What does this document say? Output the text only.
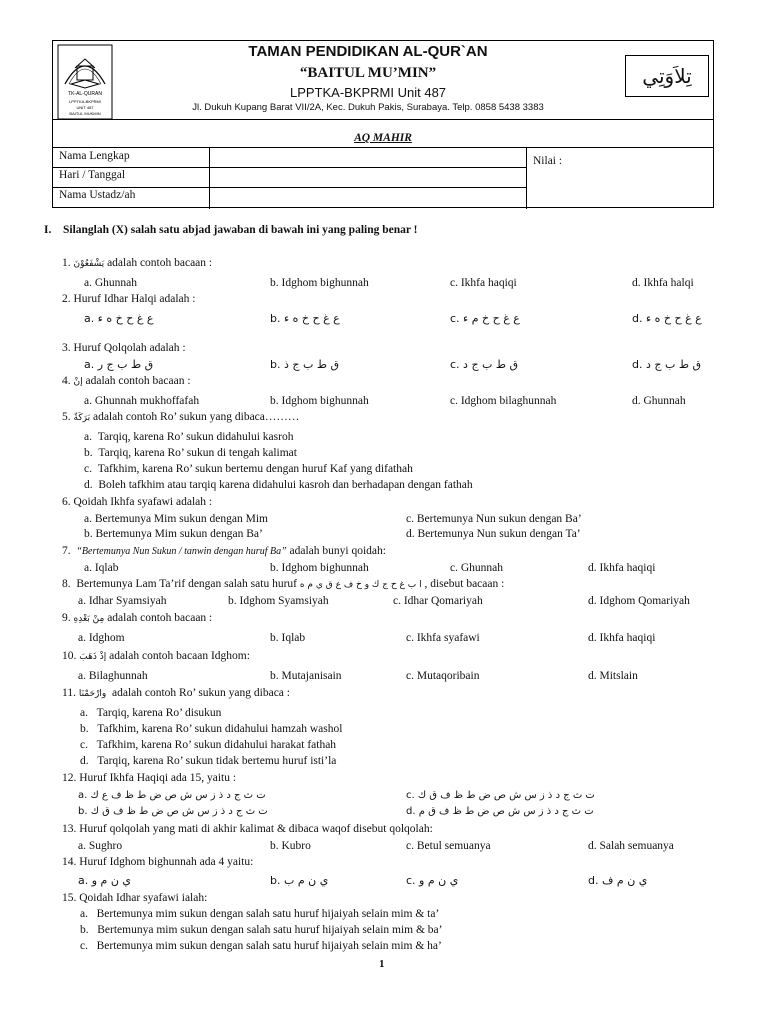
TK-AL-QURAN
LPPTKA-BKPRMI
UNIT 487
BAITUL MUKMIN
TAMAN PENDIDIKAN AL-QUR`AN
“BAITUL MU’MIN”
LPPTKA-BKPRMI Unit 487
Jl. Dukuh Kupang Barat VII/2A, Kec. Dukuh Pakis, Surabaya. Telp. 0858 5438 3383
تِلاَوَتِي
AQ MAHIR
Nama Lengkap
Hari / Tanggal
Nama Ustadz/ah
Nilai :
I. Silanglah (X) salah satu abjad jawaban di bawah ini yang paling benar !
1. يَشْفَعُوْنَ adalah contoh bacaan :
a. Ghunnah	b. Idghom bighunnah	c. Ikhfa haqiqi	d. Ikhfa halqi
2. Huruf Idhar Halqi adalah :
a. ع غ ح خ ه ء	b. ع غ ح خ ه ء	c. ع غ ح خ م ء	d. ع غ ح خ ه ء
3. Huruf Qolqolah adalah :
a. ق ط ب ج ر	b. ق ط ب ج ذ	c. ق ط ب ج د	d. ق ط ب ج د
4. إنْ adalah contoh bacaan :
a. Ghunnah mukhoffafah	b. Idghom bighunnah	c. Idghom bilaghunnah	d. Ghunnah
5. بَرَكَةٌ adalah contoh Ro’ sukun yang dibaca………
a. Tarqiq, karena Ro’ sukun didahului kasroh
b. Tarqiq, karena Ro’ sukun di tengah kalimat
c. Tafkhim, karena Ro’ sukun bertemu dengan huruf Kaf yang difathah
d. Boleh tafkhim atau tarqiq karena didahului kasroh dan berhadapan dengan fathah
6. Qoidah Ikhfa syafawi adalah :
a. Bertemunya Mim sukun dengan Mim	c. Bertemunya Nun sukun dengan Ba’
b. Bertemunya Mim sukun dengan Ba’	d. Bertemunya Nun sukun dengan Ta’
7. “Bertemunya Nun Sukun / tanwin dengan huruf Ba” adalah bunyi qoidah:
a. Iqlab	b. Idghom bighunnah	c. Ghunnah	d. Ikhfa haqiqi
8. Bertemunya Lam Ta’rif dengan salah satu huruf ا ب غ ح ج ك و خ ف ع ق ي م ه , disebut bacaan :
a. Idhar Syamsiyah	b. Idghom Syamsiyah	c. Idhar Qomariyah	d. Idghom Qomariyah
9. مِنْ بَعْدِهِ adalah contoh bacaan :
a. Idghom	b. Iqlab	c. Ikhfa syafawi	d. Ikhfa haqiqi
10. إذْ ذَهَبَ adalah contoh bacaan Idghom:
a. Bilaghunnah	b. Mutajanisain	c. Mutaqoribain	d. Mitslain
11. وارْحَمْنَا adalah contoh Ro’ sukun yang dibaca :
a. Tarqiq, karena Ro’ disukun
b. Tafkhim, karena Ro’ sukun didahului hamzah washol
c. Tafkhim, karena Ro’ sukun didahului harakat fathah
d. Tarqiq, karena Ro’ sukun tidak bertemu huruf isti’la
12. Huruf Ikhfa Haqiqi ada 15, yaitu :
a. ت ث ج د ذ ز س ش ص ض ط ظ ف ع ك	c. ت ث ج د ذ ز س ش ص ض ط ظ ف ق ك
b. ت ث ج د ذ ز س ش ص ض ط ظ ف ق ك	d. ت ث ج د ذ ز س ش ص ض ط ظ ف ق م
13. Huruf qolqolah yang mati di akhir kalimat & dibaca waqof disebut qolqolah:
a. Sughro	b. Kubro	c. Betul semuanya	d. Salah semuanya
14. Huruf Idghom bighunnah ada 4 yaitu:
a. ي ن م و	b. ي ن م ب	c. ي ن م و	d. ي ن م ف
15. Qoidah Idhar syafawi ialah:
a. Bertemunya mim sukun dengan salah satu huruf hijaiyah selain mim & ta’
b. Bertemunya mim sukun dengan salah satu huruf hijaiyah selain mim & ba’
c. Bertemunya mim sukun dengan salah satu huruf hijaiyah selain mim & ha’
1
